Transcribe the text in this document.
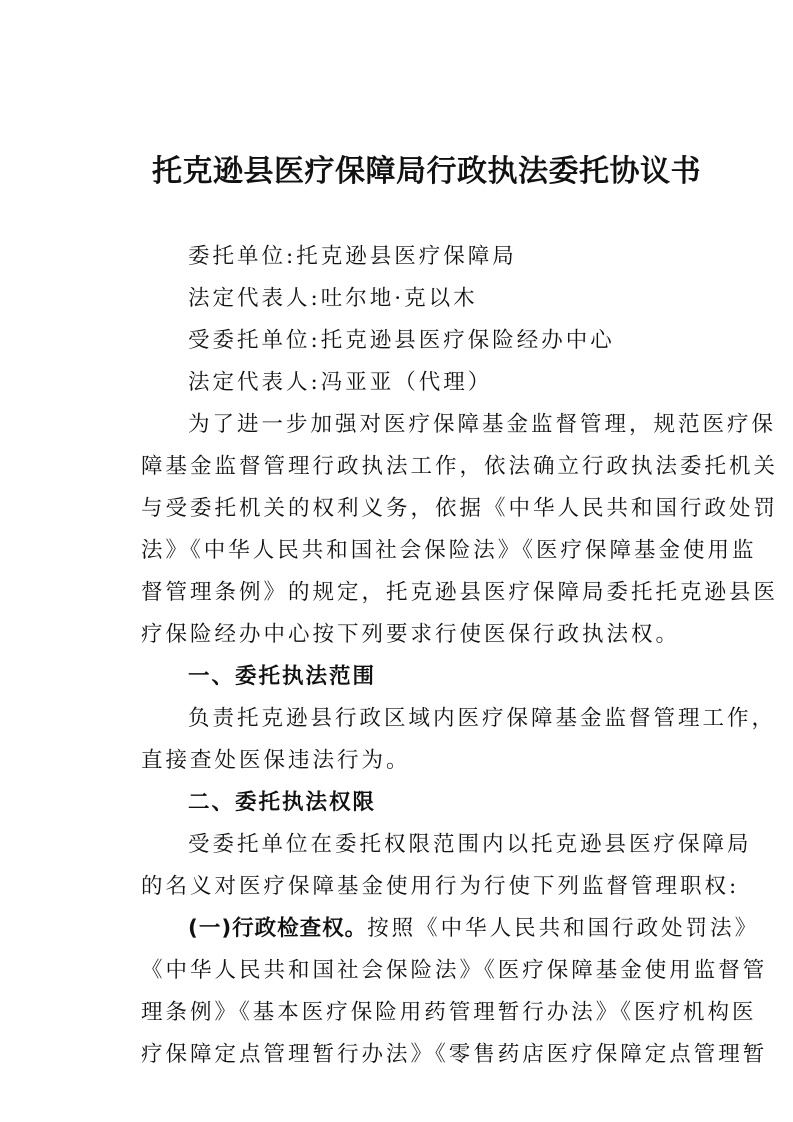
托克逊县医疗保障局行政执法委托协议书
委托单位:托克逊县医疗保障局
法定代表人:吐尔地·克以木
受委托单位:托克逊县医疗保险经办中心
法定代表人:冯亚亚（代理）
为了进一步加强对医疗保障基金监督管理，规范医疗保
障基金监督管理行政执法工作，依法确立行政执法委托机关
与受委托机关的权利义务，依据《中华人民共和国行政处罚
法》《中华人民共和国社会保险法》《医疗保障基金使用监
督管理条例》的规定，托克逊县医疗保障局委托托克逊县医
疗保险经办中心按下列要求行使医保行政执法权。
一、委托执法范围
负责托克逊县行政区域内医疗保障基金监督管理工作，
直接查处医保违法行为。
二、委托执法权限
受委托单位在委托权限范围内以托克逊县医疗保障局
的名义对医疗保障基金使用行为行使下列监督管理职权:
(一)行政检查权。按照《中华人民共和国行政处罚法》
《中华人民共和国社会保险法》《医疗保障基金使用监督管
理条例》《基本医疗保险用药管理暂行办法》《医疗机构医
疗保障定点管理暂行办法》《零售药店医疗保障定点管理暂
